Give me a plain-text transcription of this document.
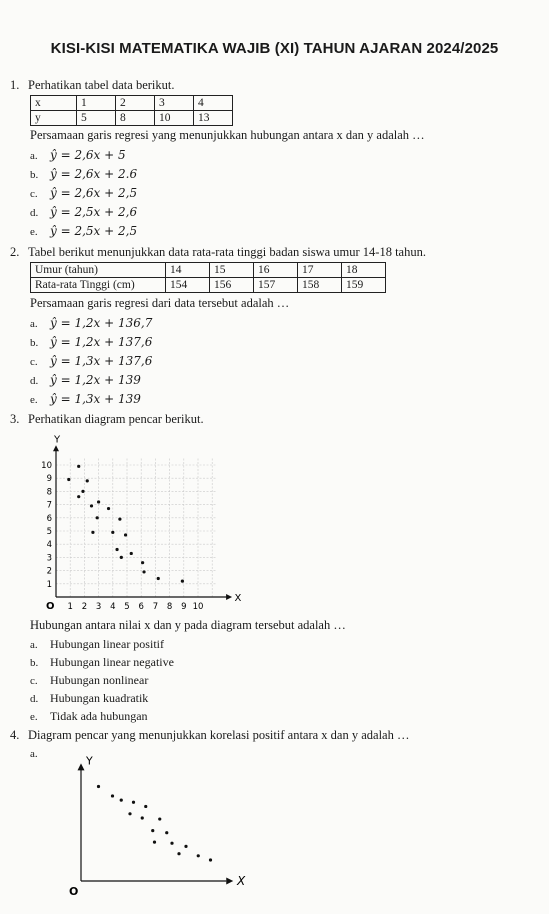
KISI-KISI MATEMATIKA WAJIB (XI) TAHUN AJARAN 2024/2025
1. Perhatikan tabel data berikut.
x	1	2	3	4
y	5	8	10	13
Persamaan garis regresi yang menunjukkan hubungan antara x dan y adalah …
a. ŷ = 2,6x + 5
b. ŷ = 2,6x + 2.6
c. ŷ = 2,6x + 2,5
d. ŷ = 2,5x + 2,6
e. ŷ = 2,5x + 2,5
2. Tabel berikut menunjukkan data rata-rata tinggi badan siswa umur 14-18 tahun.
Umur (tahun)	14	15	16	17	18
Rata-rata Tinggi (cm)	154	156	157	158	159
Persamaan garis regresi dari data tersebut adalah …
a. ŷ = 1,2x + 136,7
b. ŷ = 1,2x + 137,6
c. ŷ = 1,3x + 137,6
d. ŷ = 1,2x + 139
e. ŷ = 1,3x + 139
3. Perhatikan diagram pencar berikut.
Y
X
O 1 2 3 4 5 6 7 8 9 10
1
2
3
4
5
6
7
8
9
10
Hubungan antara nilai x dan y pada diagram tersebut adalah …
a. Hubungan linear positif
b. Hubungan linear negative
c. Hubungan nonlinear
d. Hubungan kuadratik
e. Tidak ada hubungan
4. Diagram pencar yang menunjukkan korelasi positif antara x dan y adalah …
a.
Y
X
O
